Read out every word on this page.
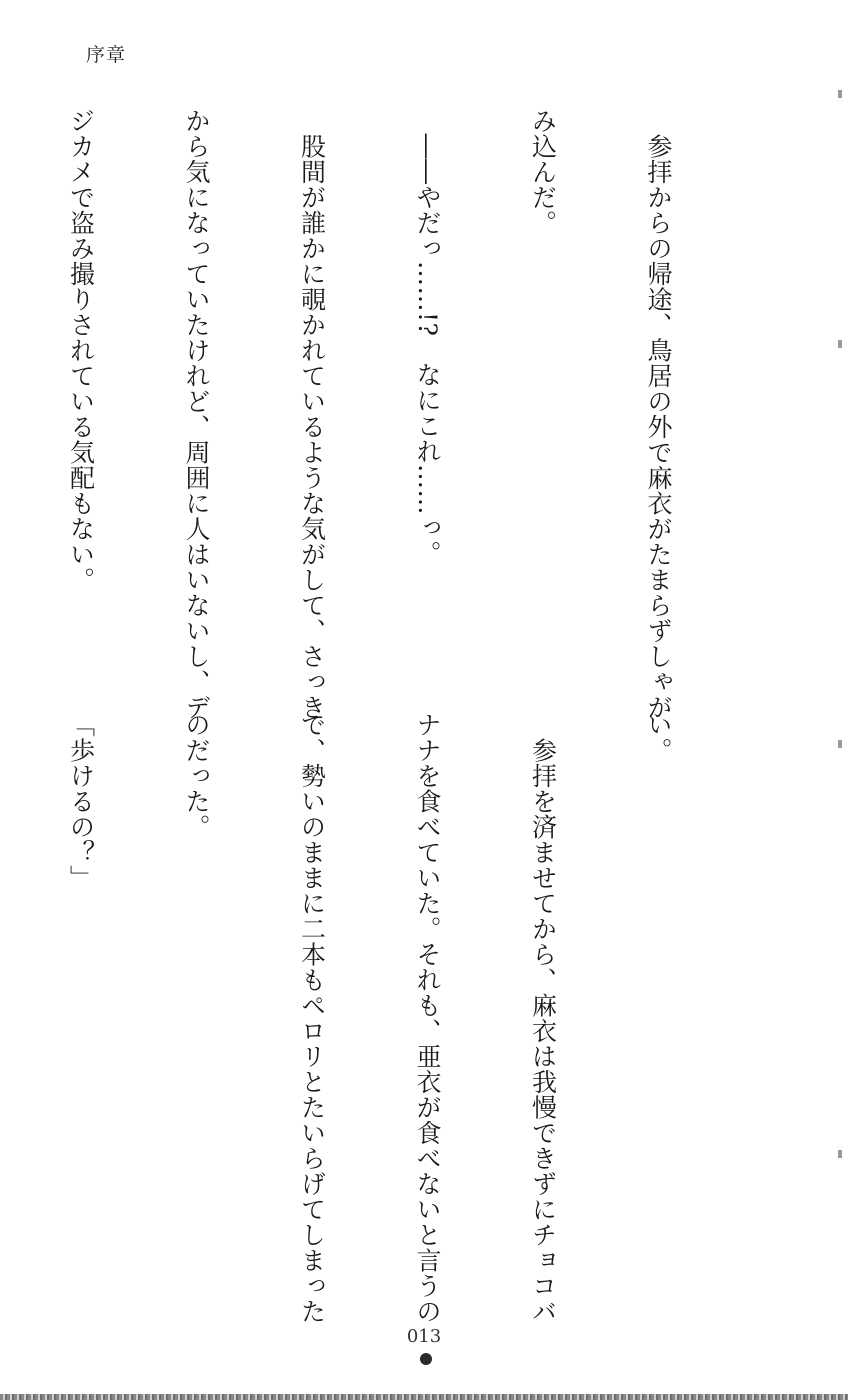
序章

　参拝からの帰途、鳥居の外で麻衣がたまらずしゃが

み込んだ。

　――やだっ……!?　なにこれ……っ。

　股間が誰かに覗かれているような気がして、さっき

から気になっていたけれど、周囲に人はいないし、デ

ジカメで盗み撮りされている気配もない。

い。

　参拝を済ませてから、麻衣は我慢できずにチョコバ

ナナを食べていた。それも、亜衣が食べないと言うの

で、勢いのままに二本もペロリとたいらげてしまった

のだった。

「歩けるの？」

013
